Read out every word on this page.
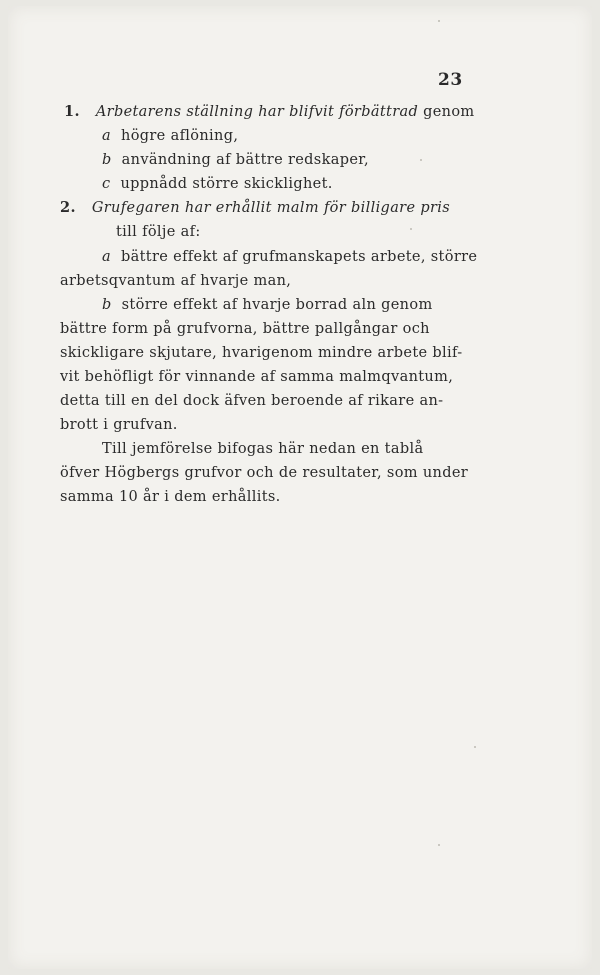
23
1. Arbetarens ställning har blifvit förbättrad genom
a högre aflöning,
b användning af bättre redskaper,
c uppnådd större skicklighet.
2. Grufegaren har erhållit malm för billigare pris
till följe af:
a bättre effekt af grufmanskapets arbete, större
arbetsqvantum af hvarje man,
b större effekt af hvarje borrad aln genom
bättre form på grufvorna, bättre pallgångar och
skickligare skjutare, hvarigenom mindre arbete blif-
vit behöfligt för vinnande af samma malmqvantum,
detta till en del dock äfven beroende af rikare an-
brott i grufvan.
Till jemförelse bifogas här nedan en tablå
öfver Högbergs grufvor och de resultater, som under
samma 10 år i dem erhållits.
